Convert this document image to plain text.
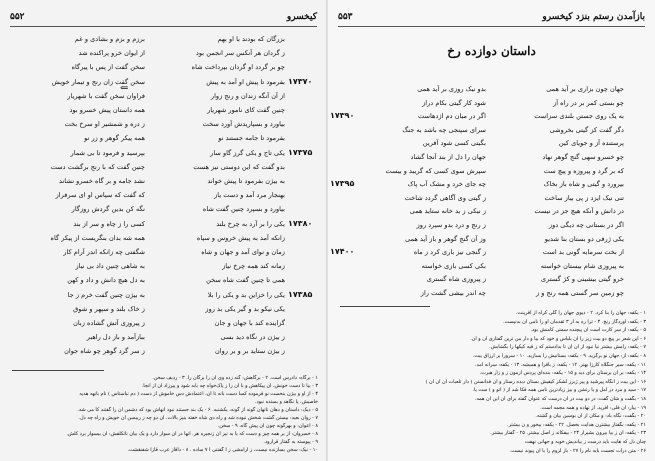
کیخسرو
۵۵۲
بزرگان که بودند با او بهم
برزم و بزم و بشادی و غم
ز گردان هر آنکس سر انجمن بود
از ایوان خرو پراکنده شد
چو بر گردد او گردان بپرداخت شاه
سخن گفت از پس با پیرگاه
بفرمود تا پیش او آمد به پیش
سخن گفت زان رنج و تیمار خویش
از آن آنگه زندان و رنج زوار
فراوان سخن گفت با شهریار
چنین گفت کای نامور شهریار
همه داستان پیش خسرو بود
بیاورد و بسپاریدش آورد سخت
ز دره و شمشیر او سرخ بخت
بفرمود تا جامه جستند نو
همه پیکر گوهر و زر نو
یکی تاج و یکی گرز گاو سار
بپرسید و فرمود تا بی شمار
بدو گفت که این دوستی نیز هست
چنین گفت که با رنج برگشت دست
به بیژن بفرمود تا پیش خواند
نشد جامه و بر گاه خسرو نشاند
بهنجار مرد آمد و دست یاز
که گفت که سپاس او ای سرفراز
بیاورد و بسپرد چنین گفت شاه
نگه کن بدین گردش روزگار
یکی را بر آرد به چرخ بلند
کسی را ز چاه و سر از بند
زانکه آمد به پیش خروس و سپاه
همه شه بدان بنگریست از پیکر گاه
زمان و نوای آمد و جهان و شاه
شگفتی چه زانکه اندر آرام کار
زمانه کند همه چرخ نیاز
به شاهی چنین داد بی نیاز
همی تا چنین گفت شاه سخن
به دل هیچ دانش و داد و کهن
یکی را خزاین بد و یکی را بلا
به بیژن چنین گفت خرم ز جا
یکی نیکو بد و گیر یکی بد روز
ز خاک بلند و سپهر و شوق
گزاینده کند با جهان و جان
ز پیروزی آتش گشاده زبان
ز بیژن در نگاه دید بسی
ببازآمد و باز دل راهبر
ز بیژن ستاید بر و بر روان
ز سر گرد گوهر چو شاه جوان
۱۷۳۷۰
۱۷۳۷۵
۱۷۳۸۰
۱۷۳۸۵
⇐
۱ - برگاه: دادرس است. ۲ - برگاهش: گنه زده وی آن را برگان را. ۳ - ردیف سخن.
۳ - بیا تا دست خونش، آن پیکاهش و با آن را ز پاک‌خواه چه بابه شود و پیرزاد آن از آنجا.
۴ - از او و بیژن بنخست نو فرموده کسا دست بانه تا آن، اعتمادش دس خاموش از دست ( دم نباستاس ) نام بانهه هدیه
خاصیش، پا نگاهد و بستده نبود.
۵ - دیک: داستان و دهان ناتهان گونه از گونه، یکشنبه. ۶ - یک بند جستند نبود آنهاش بود که دشمن آن را گفتند کا می شه.
۷ - روان بعید: بیستن گشت شخش نبوده شد و راه دی شاه خفته بنیز بالات. آن دو چه ز ریبسن آن خویش و راه چه دل.
۸ - اعوان: و بهرگونه چون آن پیش گاه، ۹ - سخن.
۸ - خسروان: از بر همه چیز و دست که یا به نیز آن زنجیره هر. آنها در آن سوار دارد و یک بیان ناتکلفش: آن بیسوار برد کلش.
۹ - پیوسته به گفتار قرارود.
۱۰ - نیک: سخن بسازنده نیست، ز آرامشی ز ا گفتنی ا ۷ ساده . ۸ - داقاز عرب قازا شفنقشت.
بازآمدن رستم بنزد کیخسرو
۵۵۳
داستان دوازده رخ
جهان چون بزاری بر آید همی
بدو نیک روزی بر آید همی
چو بستی کمر بر در راه آز
شود کار گیتی بکام دراز
به یک روی جستن بلندی سزاست
اگر در میان دم اژدهاست
دگر گفت کز گیتی بخروشی
سرای سپنجی چه باشد به جنگ
پرستنده آز و جویای کین
بگیتی کسی شود آفرین
چو خسرو سهی گنج گوهر نهاد
جهان را دل از بند آنجا گشاد
که بر گرد و پیروزه و پیچ ست
سپرش سوی کسی که گریبد و بیست
بپرورد و گیتی و شاه باز بخاک
چه جای خرد و مشک آب پاک
تنی نیک ایزد ز پی بیاز ساخت
ز گیتی وی آگاهی گردد شاخت
در دانش و آنکه هیچ جز در نیست
ز نیکی ز بد خانه ستاید همی
اگر در بستانی چه دیگی دوز
ز رنج و درد بدو سپرد روز
یکی ژرفی دو بستان بنا شدیو
وز آن گنج گوهر و باز آید همی
از بخت سرمایه گونی بد است
ز گنجی نیز باری کرد ز ماه
به پیروزی شام بیستان خواسته
بکی کسی بازی خواسته
خرو گیتی بیشینی و کژ گستری
ز پیروزی شاه گستری
چو زمین سر گستی همه رنج و ز
چه اندر بیشی گشت راز
۱۷۳۹۰
۱۷۳۹۵
۱۷۴۰۰
۱ - یکفه: جهان را بنا کرد. ۲ - دیوی جهان را گلی کراه از آفرینت.
۳ - یکفه: آوردگار رنج. ۴ - ترا ره به ار ۳ ثقدمان او را نامی آن بدنیست.
۵ - یکفه: از سر کارت است آن پیچنده سمتی کامنش بود.
۶ - این شعر بر پیچ دو بیت زیر را آن بلیاس و خود که بیا و دار من ترین گفتاری آن و آن.
۷ - یکفه: رامش بیشتر نیا نبود از آن آن تا بدادستم که ز فیه کیکها را بگشایش.
۸ - بکفه: آز: جهان نو برگزید. ۹ - یکفه: بستانیش را بسازید. ۱۰ - سروراً بر آرزاق بیت.
۱۱ - یکفه: سیر جنگلاه کارزا بهتر. ۱۲ - یکفه: ز بافرا و همیشه. ۱۳ - یکفه: سرانه آمد.
۱۴ - یکفه: بر آن برستان برای دید و ۱۵ - یکفه: بنده‌ای پردس آزمون ز و زار هبرت.
۱۶ - این بیت ز آنگاه پیرشید و پیر ژبرز لشکر کیفیش بستان دیده رستار و آن فدانستن ( دار تلعبات آن آن آن )
۱۷ - سید و مرد در آمل و یا رتشن و بیز زیادترین نامی همه فکا شد از ( آنو و ) ست یا.
۱۸ - بگفت و شان گفت: در دو بیت در آن درست که عنوان گفته برای آن این آن همه.
۱۹ - بیار: آن فلی: آفرید. از نهاده و همه مجمه است.
۲۰ - بگفت: نگاه باد: و مکان از آن بوسین بیان و گشته.
۲۱ - یکفه: بگفتار بیشترن هدایت بخصل. ۲۲ - یکفه: بیخور و ن بیشتر.
۲۳ - یکفه: آن ز بیا بیرون بشیرار ۲۴ - بیفکاند ز اصل بیشتر. ۲۵ - گفتار بیشتر.
چنان دل که هایت باید درست ز بیاندیش خوبه و جهانی نهفت
۲۶ - متن درات تجست بایه نام را ۲۷ - باز لزوم را با آن پیوند نیست.
